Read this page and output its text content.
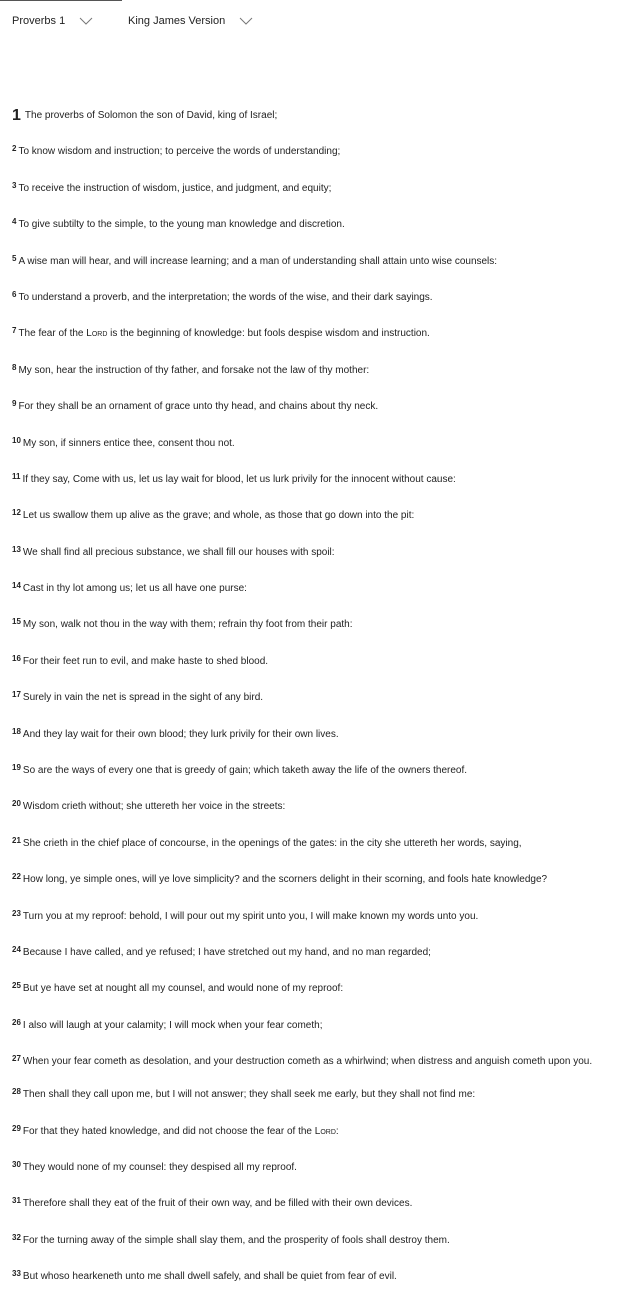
Proverbs 1	King James Version
1 The proverbs of Solomon the son of David, king of Israel;
$^2$ To know wisdom and instruction; to perceive the words of understanding;
$^3$ To receive the instruction of wisdom, justice, and judgment, and equity;
$^4$ To give subtilty to the simple, to the young man knowledge and discretion.
$^5$ A wise man will hear, and will increase learning; and a man of understanding shall attain unto wise counsels:
$^6$ To understand a proverb, and the interpretation; the words of the wise, and their dark sayings.
$^7$ The fear of the Lord is the beginning of knowledge: but fools despise wisdom and instruction.
$^8$ My son, hear the instruction of thy father, and forsake not the law of thy mother:
$^9$ For they shall be an ornament of grace unto thy head, and chains about thy neck.
$^{10}$ My son, if sinners entice thee, consent thou not.
$^{11}$ If they say, Come with us, let us lay wait for blood, let us lurk privily for the innocent without cause:
$^{12}$ Let us swallow them up alive as the grave; and whole, as those that go down into the pit:
$^{13}$ We shall find all precious substance, we shall fill our houses with spoil:
$^{14}$ Cast in thy lot among us; let us all have one purse:
$^{15}$ My son, walk not thou in the way with them; refrain thy foot from their path:
$^{16}$ For their feet run to evil, and make haste to shed blood.
$^{17}$ Surely in vain the net is spread in the sight of any bird.
$^{18}$ And they lay wait for their own blood; they lurk privily for their own lives.
$^{19}$ So are the ways of every one that is greedy of gain; which taketh away the life of the owners thereof.
$^{20}$ Wisdom crieth without; she uttereth her voice in the streets:
$^{21}$ She crieth in the chief place of concourse, in the openings of the gates: in the city she uttereth her words, saying,
$^{22}$ How long, ye simple ones, will ye love simplicity? and the scorners delight in their scorning, and fools hate knowledge?
$^{23}$ Turn you at my reproof: behold, I will pour out my spirit unto you, I will make known my words unto you.
$^{24}$ Because I have called, and ye refused; I have stretched out my hand, and no man regarded;
$^{25}$ But ye have set at nought all my counsel, and would none of my reproof:
$^{26}$ I also will laugh at your calamity; I will mock when your fear cometh;
$^{27}$ When your fear cometh as desolation, and your destruction cometh as a whirlwind; when distress and anguish cometh upon you.
$^{28}$ Then shall they call upon me, but I will not answer; they shall seek me early, but they shall not find me:
$^{29}$ For that they hated knowledge, and did not choose the fear of the Lord:
$^{30}$ They would none of my counsel: they despised all my reproof.
$^{31}$ Therefore shall they eat of the fruit of their own way, and be filled with their own devices.
$^{32}$ For the turning away of the simple shall slay them, and the prosperity of fools shall destroy them.
$^{33}$ But whoso hearkeneth unto me shall dwell safely, and shall be quiet from fear of evil.
